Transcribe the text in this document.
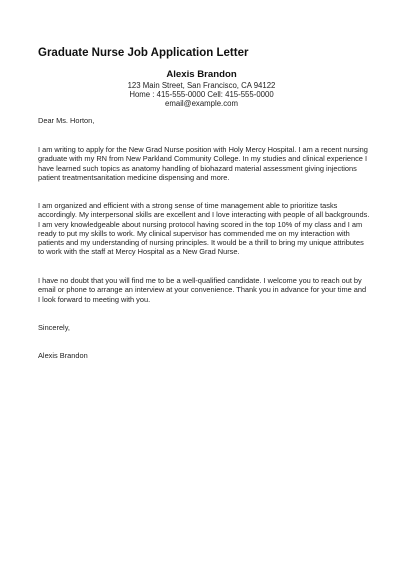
Graduate Nurse Job Application Letter
Alexis Brandon
123 Main Street, San Francisco, CA 94122
Home : 415-555-0000 Cell: 415-555-0000
email@example.com
Dear Ms. Horton,
I am writing to apply for the New Grad Nurse position with Holy Mercy Hospital. I am a recent nursing graduate with my RN from New Parkland Community College. In my studies and clinical experience I have learned such topics as anatomy handling of biohazard material assessment giving injections patient treatmentsanitation medicine dispensing and more.
I am organized and efficient with a strong sense of time management able to prioritize tasks accordingly. My interpersonal skills are excellent and I love interacting with people of all backgrounds. I am very knowledgeable about nursing protocol having scored in the top 10% of my class and I am ready to put my skills to work. My clinical supervisor has commended me on my interaction with patients and my understanding of nursing principles. It would be a thrill to bring my unique attributes to work with the staff at Mercy Hospital as a New Grad Nurse.
I have no doubt that you will find me to be a well-qualified candidate. I welcome you to reach out by email or phone to arrange an interview at your convenience. Thank you in advance for your time and I look forward to meeting with you.
Sincerely,
Alexis Brandon
